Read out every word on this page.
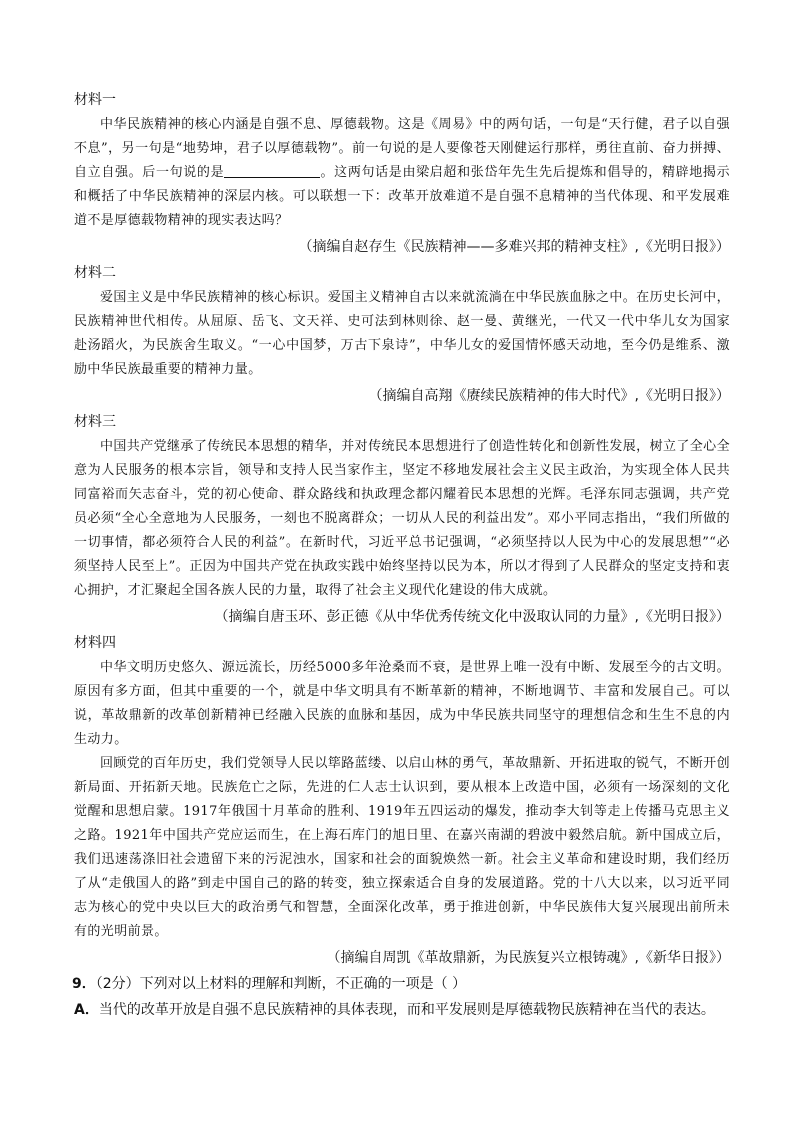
材料一

中华民族精神的核心内涵是自强不息、厚德载物。这是《周易》中的两句话，一句是“天行健，君子以自强不息”，另一句是“地势坤，君子以厚德载物”。前一句说的是人要像苍天刚健运行那样，勇往直前、奋力拼搏、自立自强。后一句说的是	。这两句话是由梁启超和张岱年先生先后提炼和倡导的，精辟地揭示和概括了中华民族精神的深层内核。可以联想一下：改革开放难道不是自强不息精神的当代体现、和平发展难道不是厚德载物精神的现实表达吗？

（摘编自赵存生《民族精神——多难兴邦的精神支柱》,《光明日报》）
材料二

爱国主义是中华民族精神的核心标识。爱国主义精神自古以来就流淌在中华民族血脉之中。在历史长河中，民族精神世代相传。从屈原、岳飞、文天祥、史可法到林则徐、赵一曼、黄继光，一代又一代中华儿女为国家赴汤蹈火，为民族舍生取义。“一心中国梦，万古下泉诗”，中华儿女的爱国情怀感天动地，至今仍是维系、激励中华民族最重要的精神力量。

（摘编自高翔《赓续民族精神的伟大时代》,《光明日报》）
材料三

中国共产党继承了传统民本思想的精华，并对传统民本思想进行了创造性转化和创新性发展，树立了全心全意为人民服务的根本宗旨，领导和支持人民当家作主，坚定不移地发展社会主义民主政治，为实现全体人民共同富裕而矢志奋斗，党的初心使命、群众路线和执政理念都闪耀着民本思想的光辉。毛泽东同志强调，共产党员必须“全心全意地为人民服务，一刻也不脱离群众；一切从人民的利益出发”。邓小平同志指出，“我们所做的一切事情，都必须符合人民的利益”。在新时代，习近平总书记强调，“必须坚持以人民为中心的发展思想”“必须坚持人民至上”。正因为中国共产党在执政实践中始终坚持以民为本，所以才得到了人民群众的坚定支持和衷心拥护，才汇聚起全国各族人民的力量，取得了社会主义现代化建设的伟大成就。

（摘编自唐玉环、彭正德《从中华优秀传统文化中汲取认同的力量》,《光明日报》）
材料四

中华文明历史悠久、源远流长，历经5000多年沧桑而不衰，是世界上唯一没有中断、发展至今的古文明。原因有多方面，但其中重要的一个，就是中华文明具有不断革新的精神，不断地调节、丰富和发展自己。可以说，革故鼎新的改革创新精神已经融入民族的血脉和基因，成为中华民族共同坚守的理想信念和生生不息的内生动力。

回顾党的百年历史，我们党领导人民以筚路蓝缕、以启山林的勇气，革故鼎新、开拓进取的锐气，不断开创新局面、开拓新天地。民族危亡之际，先进的仁人志士认识到，要从根本上改造中国，必须有一场深刻的文化觉醒和思想启蒙。1917年俄国十月革命的胜利、1919年五四运动的爆发，推动李大钊等走上传播马克思主义之路。1921年中国共产党应运而生，在上海石库门的旭日里、在嘉兴南湖的碧波中毅然启航。新中国成立后，我们迅速荡涤旧社会遗留下来的污泥浊水，国家和社会的面貌焕然一新。社会主义革命和建设时期，我们经历了从“走俄国人的路”到走中国自己的路的转变，独立探索适合自身的发展道路。党的十八大以来，以习近平同志为核心的党中央以巨大的政治勇气和智慧，全面深化改革，勇于推进创新，中华民族伟大复兴展现出前所未有的光明前景。

（摘编自周凯《革故鼎新，为民族复兴立根铸魂》,《新华日报》）
9．（2分）下列对以上材料的理解和判断，不正确的一项是（ ）
A．当代的改革开放是自强不息民族精神的具体表现，而和平发展则是厚德载物民族精神在当代的表达。
